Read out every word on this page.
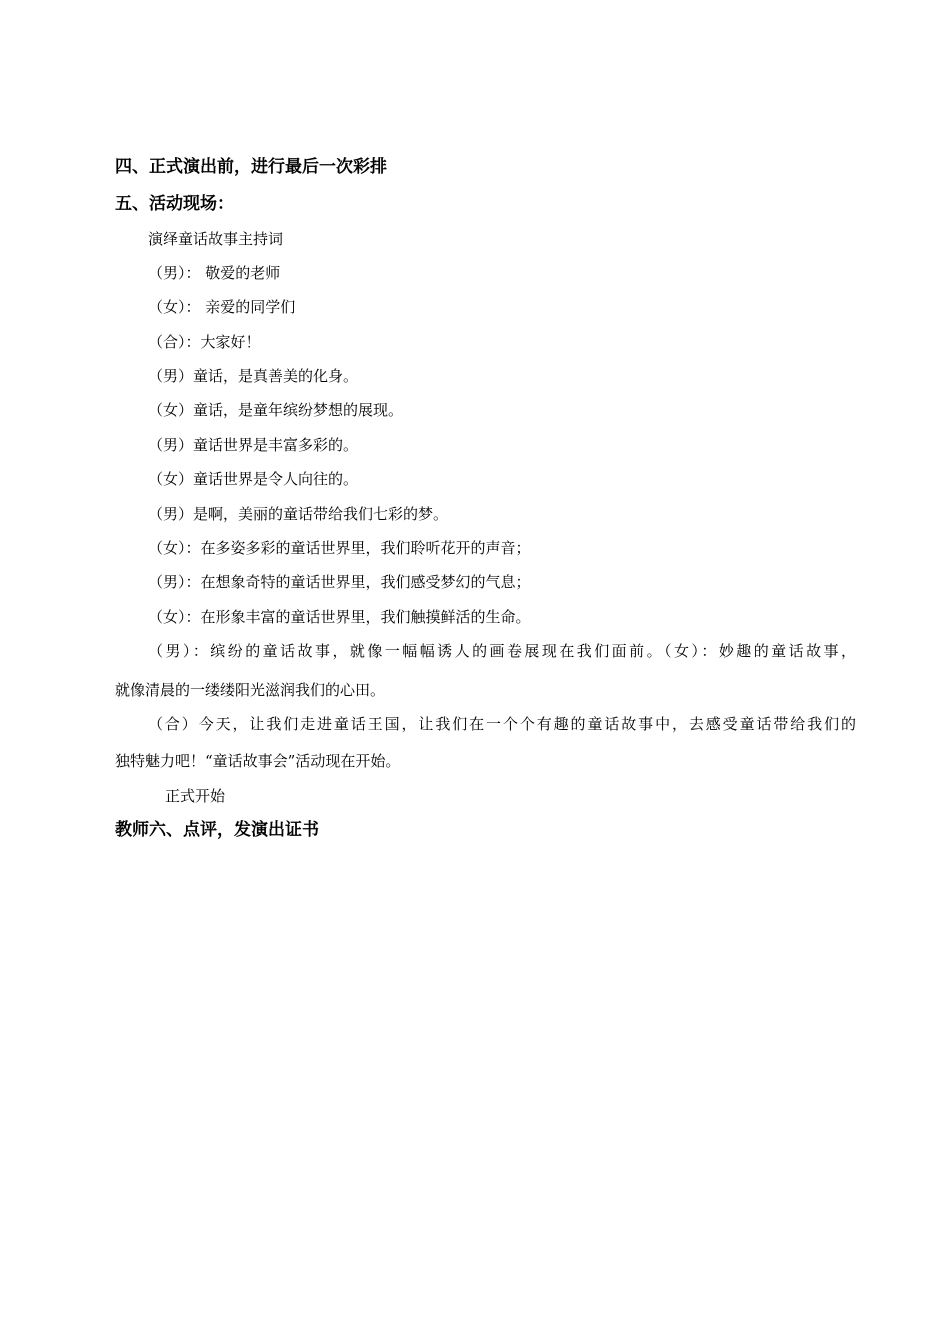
四、正式演出前，进行最后一次彩排
五、活动现场：
演绎童话故事主持词
（男）： 敬爱的老师
（女）： 亲爱的同学们
（合）：大家好！
（男）童话，是真善美的化身。
（女）童话，是童年缤纷梦想的展现。
（男）童话世界是丰富多彩的。
（女）童话世界是令人向往的。
（男）是啊，美丽的童话带给我们七彩的梦。
（女）：在多姿多彩的童话世界里，我们聆听花开的声音；
（男）：在想象奇特的童话世界里，我们感受梦幻的气息；
（女）：在形象丰富的童话世界里，我们触摸鲜活的生命。
（男）：缤纷的童话故事，就像一幅幅诱人的画卷展现在我们面前。（女）：妙趣的童话故事，
就像清晨的一缕缕阳光滋润我们的心田。
（合）今天，让我们走进童话王国，让我们在一个个有趣的童话故事中，去感受童话带给我们的
独特魅力吧！“童话故事会”活动现在开始。
正式开始
教师六、点评，发演出证书
